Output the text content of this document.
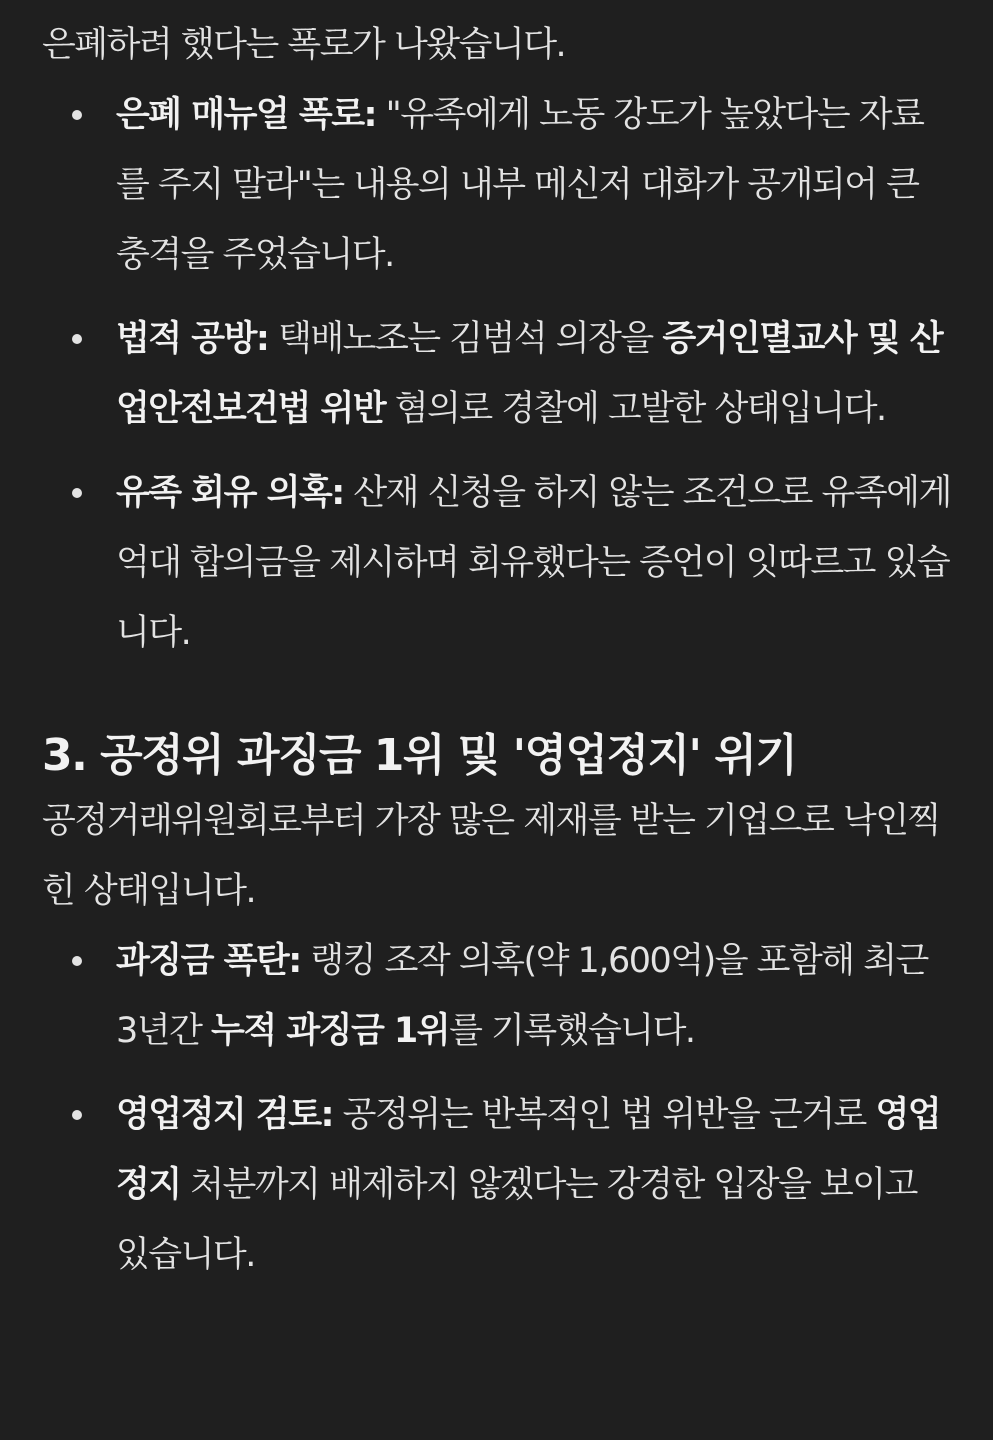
은폐하려 했다는 폭로가 나왔습니다.

은폐 매뉴얼 폭로: "유족에게 노동 강도가 높았다는 자료를 주지 말라"는 내용의 내부 메신저 대화가 공개되어 큰 충격을 주었습니다.
법적 공방: 택배노조는 김범석 의장을 증거인멸교사 및 산업안전보건법 위반 혐의로 경찰에 고발한 상태입니다.
유족 회유 의혹: 산재 신청을 하지 않는 조건으로 유족에게 억대 합의금을 제시하며 회유했다는 증언이 잇따르고 있습니다.
3. 공정위 과징금 1위 및 '영업정지' 위기

공정거래위원회로부터 가장 많은 제재를 받는 기업으로 낙인찍힌 상태입니다.

과징금 폭탄: 랭킹 조작 의혹(약 1,600억)을 포함해 최근 3년간 누적 과징금 1위를 기록했습니다.
영업정지 검토: 공정위는 반복적인 법 위반을 근거로 영업정지 처분까지 배제하지 않겠다는 강경한 입장을 보이고 있습니다.
